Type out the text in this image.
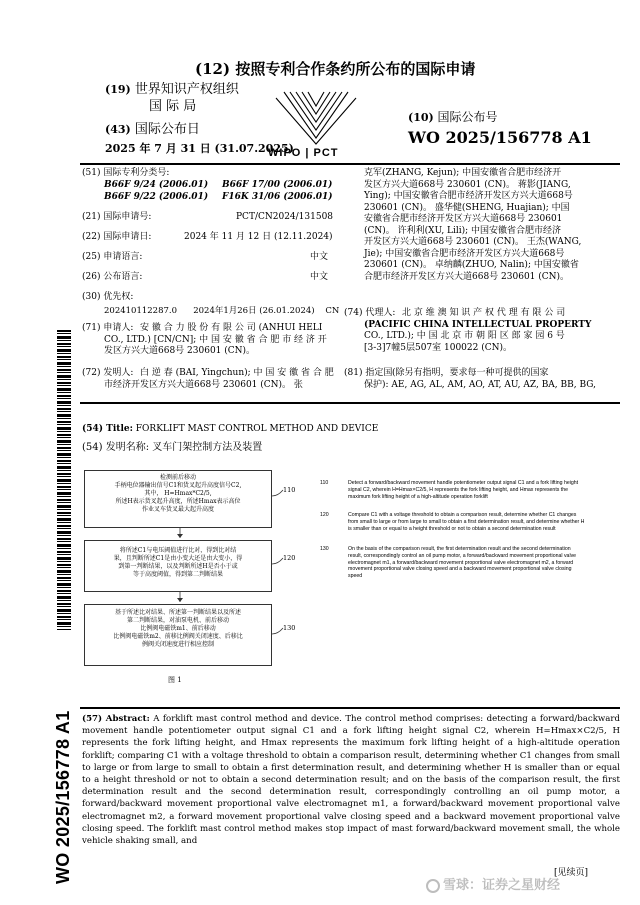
(12) 按照专利合作条约所公布的国际申请
(19) 世界知识产权组织
国 际 局
(43) 国际公布日
2025 年 7 月 31 日 (31.07.2025)
WIPO | PCT
(10) 国际公布号
WO 2025/156778 A1
(51) 国际专利分类号:
B66F 9/24 (2006.01) B66F 17/00 (2006.01)
B66F 9/22 (2006.01) F16K 31/06 (2006.01)
(21) 国际申请号:	PCT/CN2024/131508
(22) 国际申请日:	2024 年 11 月 12 日 (12.11.2024)
(25) 申请语言:	中文
(26) 公布语言:	中文
(30) 优先权:
202410112287.0      2024年1月26日 (26.01.2024)    CN
(71) 申请人: 安 徽 合 力 股 份 有 限 公 司 (ANHUI HELI
CO., LTD.) [CN/CN]; 中 国 安 徽 省 合 肥 市 经 济 开
发区方兴大道668号 230601 (CN)。
(72) 发明人: 白 逆 春 (BAI, Yingchun); 中 国 安 徽 省 合 肥
市经济开发区方兴大道668号 230601 (CN)。 张
克军(ZHANG, Kejun); 中国安徽省合肥市经济开
发区方兴大道668号 230601 (CN)。 蒋影(JIANG,
Ying); 中国安徽省合肥市经济开发区方兴大道668号
230601 (CN)。 盛华健(SHENG, Huajian); 中国
安徽省合肥市经济开发区方兴大道668号 230601
(CN)。 许利利(XU, Lili); 中国安徽省合肥市经济
开发区方兴大道668号 230601 (CN)。 王杰(WANG,
Jie); 中国安徽省合肥市经济开发区方兴大道668号
230601 (CN)。 卓纳麟(ZHUO, Nalin); 中国安徽省
合肥市经济开发区方兴大道668号 230601 (CN)。
(74) 代理人: 北 京 维 澳 知 识 产 权 代 理 有 限 公 司
(PACIFIC CHINA INTELLECTUAL PROPERTY
CO., LTD.); 中 国 北 京 市 朝 阳 区 郎 家 园 6 号
[3-3]7幢5层507室 100022 (CN)。
(81) 指定国 (除另有指明，要求每一种可提供的国家
保护): AE, AG, AL, AM, AO, AT, AU, AZ, BA, BB, BG,
WO 2025/156778 A1
(54) Title: FORKLIFT MAST CONTROL METHOD AND DEVICE
(54) 发明名称: 叉车门架控制方法及装置
检测前后移动
手柄电位器输出信号C1和货叉起升高度信号C2,
其中， H=Hmax*C2/5,
所述H表示货叉起升高度，所述Hmax表示高位
作业叉车货叉最大起升高度
110
将所述C1与电压阈值进行比对，得到比对结
果，且判断所述C1是由小变大还是由大变小，得
到第一判断结果，以及判断所述H是否小于或
等于高度阈值，得到第二判断结果
120
基于所述比对结果、所述第一判断结果以及所述
第二判断结果，对油泵电机、前后移动
比例阀电磁铁m1、前后移动
比例阀电磁铁m2、前移比例阀关闭速度、后移比
例阀关闭速度进行相应控制
130
图 1
110	Detect a forward/backward movement handle potentiometer output signal C1 and a fork lifting height signal C2, wherein H=Hmax×C2/5, H represents the fork lifting height, and Hmax represents the maximum fork lifting height of a high-altitude operation forklift
120	Compare C1 with a voltage threshold to obtain a comparison result, determine whether C1 changes from small to large or from large to small to obtain a first determination result, and determine whether H is smaller than or equal to a height threshold or not to obtain a second determination result
130	On the basis of the comparison result, the first determination result and the second determination result, correspondingly control an oil pump motor, a forward/backward movement proportional valve electromagnet m1, a forward/backward movement proportional valve electromagnet m2, a forward movement proportional valve closing speed and a backward movement proportional valve closing speed
(57) Abstract: A forklift mast control method and device. The control method comprises: detecting a forward/backward movement handle potentiometer output signal C1 and a fork lifting height signal C2, wherein H=Hmax×C2/5, H represents the fork lifting height, and Hmax represents the maximum fork lifting height of a high-altitude operation forklift; comparing C1 with a voltage threshold to obtain a comparison result, determining whether C1 changes from small to large or from large to small to obtain a first determination result, and determining whether H is smaller than or equal to a height threshold or not to obtain a second determination result; and on the basis of the comparison result, the first determination result and the second determination result, correspondingly controlling an oil pump motor, a forward/backward movement proportional valve electromagnet m1, a forward/backward movement proportional valve electromagnet m2, a forward movement proportional valve closing speed and a backward movement proportional valve closing speed. The forklift mast control method makes stop impact of mast forward/backward movement small, the whole vehicle shaking small, and
[见续页]
雪球：证券之星财经
